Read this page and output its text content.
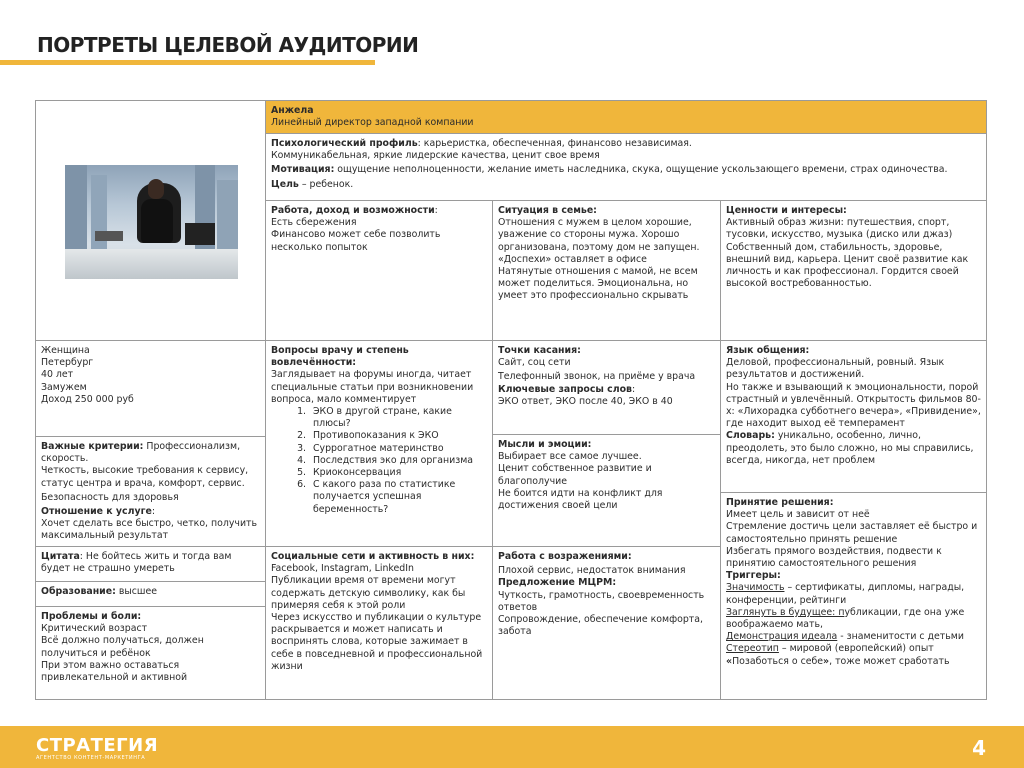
ПОРТРЕТЫ ЦЕЛЕВОЙ АУДИТОРИИ
Анжела
Линейный директор западной компании
Психологический профиль: карьеристка, обеспеченная, финансово независимая.
Коммуникабельная, яркие лидерские качества, ценит свое время
Мотивация: ощущение неполноценности, желание иметь наследника, скука, ощущение ускользающего времени, страх одиночества.
Цель – ребенок.
Работа, доход и возможности:
Есть сбережения
Финансово может себе позволить несколько попыток
Ситуация в семье:
Отношения с мужем в целом хорошие, уважение со стороны мужа. Хорошо организована, поэтому дом не запущен. «Доспехи» оставляет в офисе
Натянутые отношения с мамой, не всем может поделиться. Эмоциональна, но умеет это профессионально скрывать
Ценности и интересы:
Активный образ жизни: путешествия, спорт, тусовки, искусство, музыка (диско или джаз)
Собственный дом, стабильность, здоровье, внешний вид, карьера. Ценит своё развитие как личность и как профессионал. Гордится своей высокой востребованностью.
Женщина
Петербург
40 лет
Замужем
Доход 250 000 руб
Важные критерии: Профессионализм, скорость.
Четкость, высокие требования к сервису, статус центра и врача, комфорт, сервис.
Безопасность для здоровья
Отношение к услуге:
Хочет сделать все быстро, четко, получить максимальный результат
Вопросы врачу и степень вовлечённости:
Заглядывает на форумы иногда, читает специальные статьи при возникновении вопроса, мало комментирует
1. ЭКО в другой стране, какие плюсы?
2. Противопоказания к ЭКО
3. Суррогатное материнство
4. Последствия эко для организма
5. Криоконсервация
6. С какого раза по статистике получается успешная беременность?
Точки касания:
Сайт, соц сети
Телефонный звонок, на приёме у врача
Ключевые запросы слов:
ЭКО ответ, ЭКО после 40, ЭКО в 40
Мысли и эмоции:
Выбирает все самое лучшее.
Ценит собственное развитие и благополучие
Не боится идти на конфликт для достижения своей цели
Язык общения:
Деловой, профессиональный, ровный. Язык результатов и достижений.
Но также и взывающий к эмоциональности, порой страстный и увлечённый. Открытость фильмов 80-х: «Лихорадка субботнего вечера», «Привидение», где находит выход её темперамент
Словарь: уникально, особенно, лично, преодолеть, это было сложно, но мы справились, всегда, никогда, нет проблем
Принятие решения:
Имеет цель и зависит от неё
Стремление достичь цели заставляет её быстро и самостоятельно принять решение
Избегать прямого воздействия, подвести к принятию самостоятельного решения
Триггеры:
Значимость – сертификаты, дипломы, награды, конференции, рейтинги
Заглянуть в будущее: публикации, где она уже воображаемо мать,
Демонстрация идеала - знаменитости с детьми
Стереотип – мировой (европейский) опыт
«Позаботься о себе», тоже может сработать
Цитата: Не бойтесь жить и тогда вам будет не страшно умереть
Образование: высшее
Проблемы и боли:
Критический возраст
Всё должно получаться, должен получиться и ребёнок
При этом важно оставаться привлекательной и активной
Социальные сети и активность в них:
Facebook, Instagram, LinkedIn
Публикации время от времени могут содержать детскую символику, как бы примеряя себя к этой роли
Через искусство и публикации о культуре раскрывается и может написать и воспринять слова, которые зажимает в себе в повседневной и профессиональной жизни
Работа с возражениями:
Плохой сервис, недостаток внимания
Предложение МЦРМ:
Чуткость, грамотность, своевременность ответов
Сопровождение, обеспечение комфорта, забота
СТРАТЕГИЯ
АГЕНТСТВО КОНТЕНТ-МАРКЕТИНГА	4
